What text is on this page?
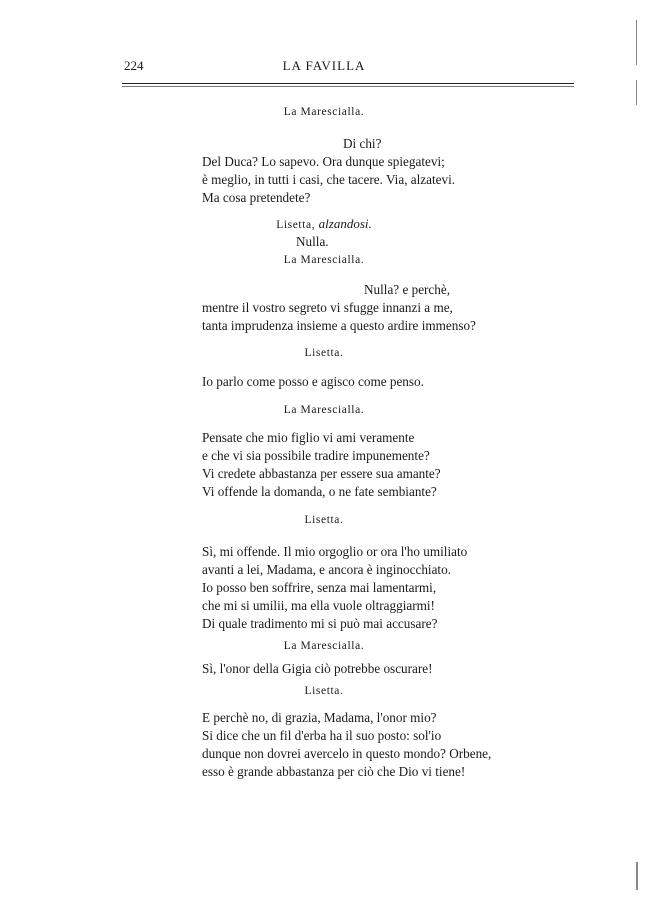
224	LA FAVILLA
La Marescialla.
Di chi?
Del Duca? Lo sapevo. Ora dunque spiegatevi;
è meglio, in tutti i casi, che tacere. Via, alzatevi.
Ma cosa pretendete?
Lisetta, alzandosi.
Nulla.
La Marescialla.
Nulla? e perchè,
mentre il vostro segreto vi sfugge innanzi a me,
tanta imprudenza insieme a questo ardire immenso?
Lisetta.
Io parlo come posso e agisco come penso.
La Marescialla.
Pensate che mio figlio vi ami veramente
e che vi sia possibile tradire impunemente?
Vi credete abbastanza per essere sua amante?
Vi offende la domanda, o ne fate sembiante?
Lisetta.
Sì, mi offende. Il mio orgoglio or ora l'ho umiliato
avanti a lei, Madama, e ancora è inginocchiato.
Io posso ben soffrire, senza mai lamentarmi,
che mi si umilii, ma ella vuole oltraggiarmi!
Di quale tradimento mi si può mai accusare?
La Marescialla.
Sì, l'onor della Gigia ciò potrebbe oscurare!
Lisetta.
E perchè no, di grazia, Madama, l'onor mio?
Si dice che un fil d'erba ha il suo posto: sol'io
dunque non dovrei avercelo in questo mondo? Orbene,
esso è grande abbastanza per ciò che Dio vi tiene!
